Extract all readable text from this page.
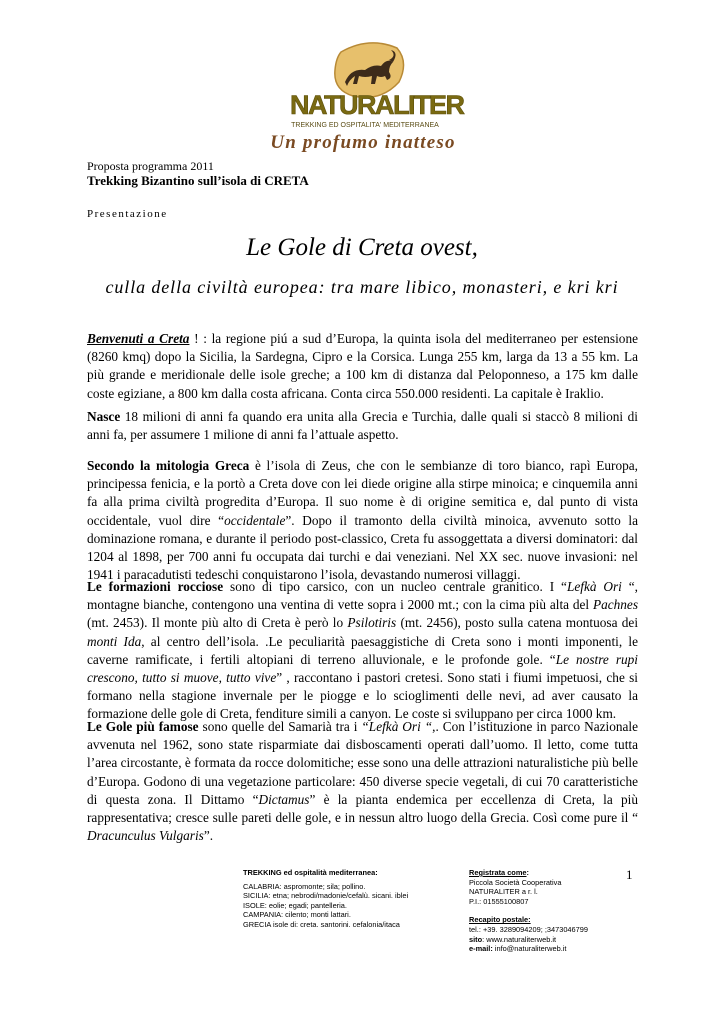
NATURALITER
TREKKING ED OSPITALITA' MEDITERRANEA
Un profumo inatteso
Proposta programma 2011
Trekking Bizantino sull’isola di CRETA
Presentazione
Le Gole di Creta ovest,
culla della civiltà europea: tra mare libico, monasteri, e kri kri

Benvenuti a Creta ! : la regione piú a sud d’Europa, la quinta isola del mediterraneo per estensione (8260 kmq) dopo la Sicilia, la Sardegna, Cipro e la Corsica. Lunga 255 km, larga da 13 a 55 km. La più grande e meridionale delle isole greche; a 100 km di distanza dal Peloponneso, a 175 km dalle coste egiziane, a 800 km dalla costa africana. Conta circa 550.000 residenti. La capitale è Iraklio.

Nasce 18 milioni di anni fa quando era unita alla Grecia e Turchia, dalle quali si staccò 8 milioni di anni fa, per assumere 1 milione di anni fa l’attuale aspetto.

Secondo la mitologia Greca è l’isola di Zeus, che con le sembianze di toro bianco, rapì Europa, principessa fenicia, e la portò a Creta dove con lei diede origine alla stirpe minoica; e cinquemila anni fa alla prima civiltà progredita d’Europa. Il suo nome è di origine semitica e, dal punto di vista occidentale, vuol dire “occidentale”. Dopo il tramonto della civiltà minoica, avvenuto sotto la dominazione romana, e durante il periodo post-classico, Creta fu assoggettata a diversi dominatori: dal 1204 al 1898, per 700 anni fu occupata dai turchi e dai veneziani. Nel XX sec. nuove invasioni: nel 1941 i paracadutisti tedeschi conquistarono l’isola, devastando numerosi villaggi.

Le formazioni rocciose sono di tipo carsico, con un nucleo centrale granitico. I “Lefkà Ori “, montagne bianche, contengono una ventina di vette sopra i 2000 mt.; con la cima più alta del Pachnes (mt. 2453). Il monte più alto di Creta è però lo Psilotiris (mt. 2456), posto sulla catena montuosa dei monti Ida, al centro dell’isola. .Le peculiarità paesaggistiche di Creta sono i monti imponenti, le caverne ramificate, i fertili altopiani di terreno alluvionale, e le profonde gole. “Le nostre rupi crescono, tutto si muove, tutto vive” , raccontano i pastori cretesi. Sono stati i fiumi impetuosi, che si formano nella stagione invernale per le piogge e lo scioglimenti delle nevi, ad aver causato la formazione delle gole di Creta, fenditure simili a canyon. Le coste si sviluppano per circa 1000 km.

Le Gole più famose sono quelle del Samarià tra i “Lefkà Ori “,. Con l’istituzione in parco Nazionale avvenuta nel 1962, sono state risparmiate dai disboscamenti operati dall’uomo. Il letto, come tutta l’area circostante, è formata da rocce dolomitiche; esse sono una delle attrazioni naturalistiche più belle d’Europa. Godono di una vegetazione particolare: 450 diverse specie vegetali, di cui 70 caratteristiche di questa zona. Il Dittamo “Dictamus” è la pianta endemica per eccellenza di Creta, la più rappresentativa; cresce sulle pareti delle gole, e in nessun altro luogo della Grecia. Così come pure il “ Dracunculus Vulgaris”.

TREKKING ed ospitalità mediterranea:
CALABRIA: aspromonte; sila; pollino.
SICILIA: etna; nebrodi/madonie/cefalù. sicani. iblei
ISOLE: eolie; egadi; pantelleria.
CAMPANIA: cilento; monti lattari.
GRECIA isole di: creta. santorini. cefalonia/itaca
Registrata come:
Piccola Società Cooperativa
NATURALITER a r. l.
P.I.: 01555100807
Recapito postale:
tel.: +39. 3289094209; ;3473046799
sito: www.naturaliterweb.it
e-mail: info@naturaliterweb.it
1
